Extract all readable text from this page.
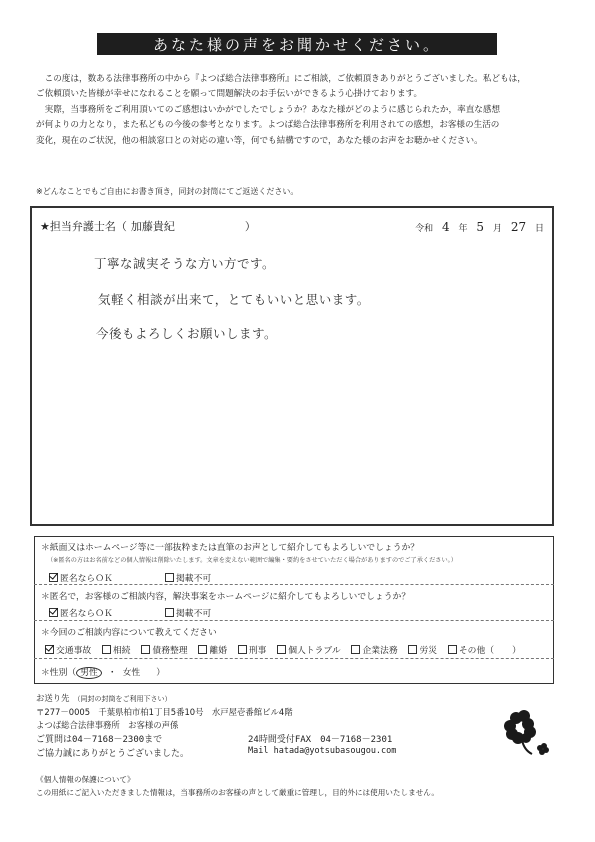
あなた様の声をお聞かせください。

この度は，数ある法律事務所の中から『よつば総合法律事務所』にご相談，ご依頼頂きありがとうございました。私どもは，

ご依頼頂いた皆様が幸せになれることを願って問題解決のお手伝いができるよう心掛けております。

実際，当事務所をご利用頂いてのご感想はいかがでしたでしょうか？あなた様がどのように感じられたか，率直な感想

が何よりの力となり，また私どもの今後の参考となります。よつば総合法律事務所を利用されての感想，お客様の生活の

変化，現在のご状況，他の相談窓口との対応の違い等，何でも結構ですので，あなた様のお声をお聴かせください。

※どんなことでもご自由にお書き頂き，同封の封筒にてご返送ください。
★担当弁護士名（ 加藤貴紀	）	令和 4 年 5 月 27 日
丁寧な誠実そうな方い方です。
気軽く相談が出来て，とてもいいと思います。
今後もよろしくお願いします。
＊紙面又はホームページ等に一部抜粋または直筆のお声として紹介してもよろしいでしょうか？
（※匿名の方はお名前などの個人情報は削除いたします。文章を変えない範囲で編集・要約をさせていただく場合がありますのでご了承ください。）
匿名ならＯＫ	掲載不可
＊匿名で，お客様のご相談内容，解決事案をホームページに紹介してもよろしいでしょうか？
匿名ならＯＫ	掲載不可
＊今回のご相談内容について教えてください
交通事故 相続 債務整理 離婚 刑事 個人トラブル 企業法務 労災 その他（ ）
＊性別（ 男性 ・ 女性 ）
お送り先 （同封の封筒をご利用下さい）
〒277－0005　千葉県柏市柏1丁目5番10号　水戸屋壱番館ビル4階
よつば総合法律事務所　お客様の声係
ご質問は04－7168－2300まで	24時間受付FAX　04－7168－2301
ご協力誠にありがとうございました。	Mail hatada@yotsubasougou.com
《個人情報の保護について》
この用紙にご記入いただきました情報は，当事務所のお客様の声として厳重に管理し，目的外には使用いたしません。
